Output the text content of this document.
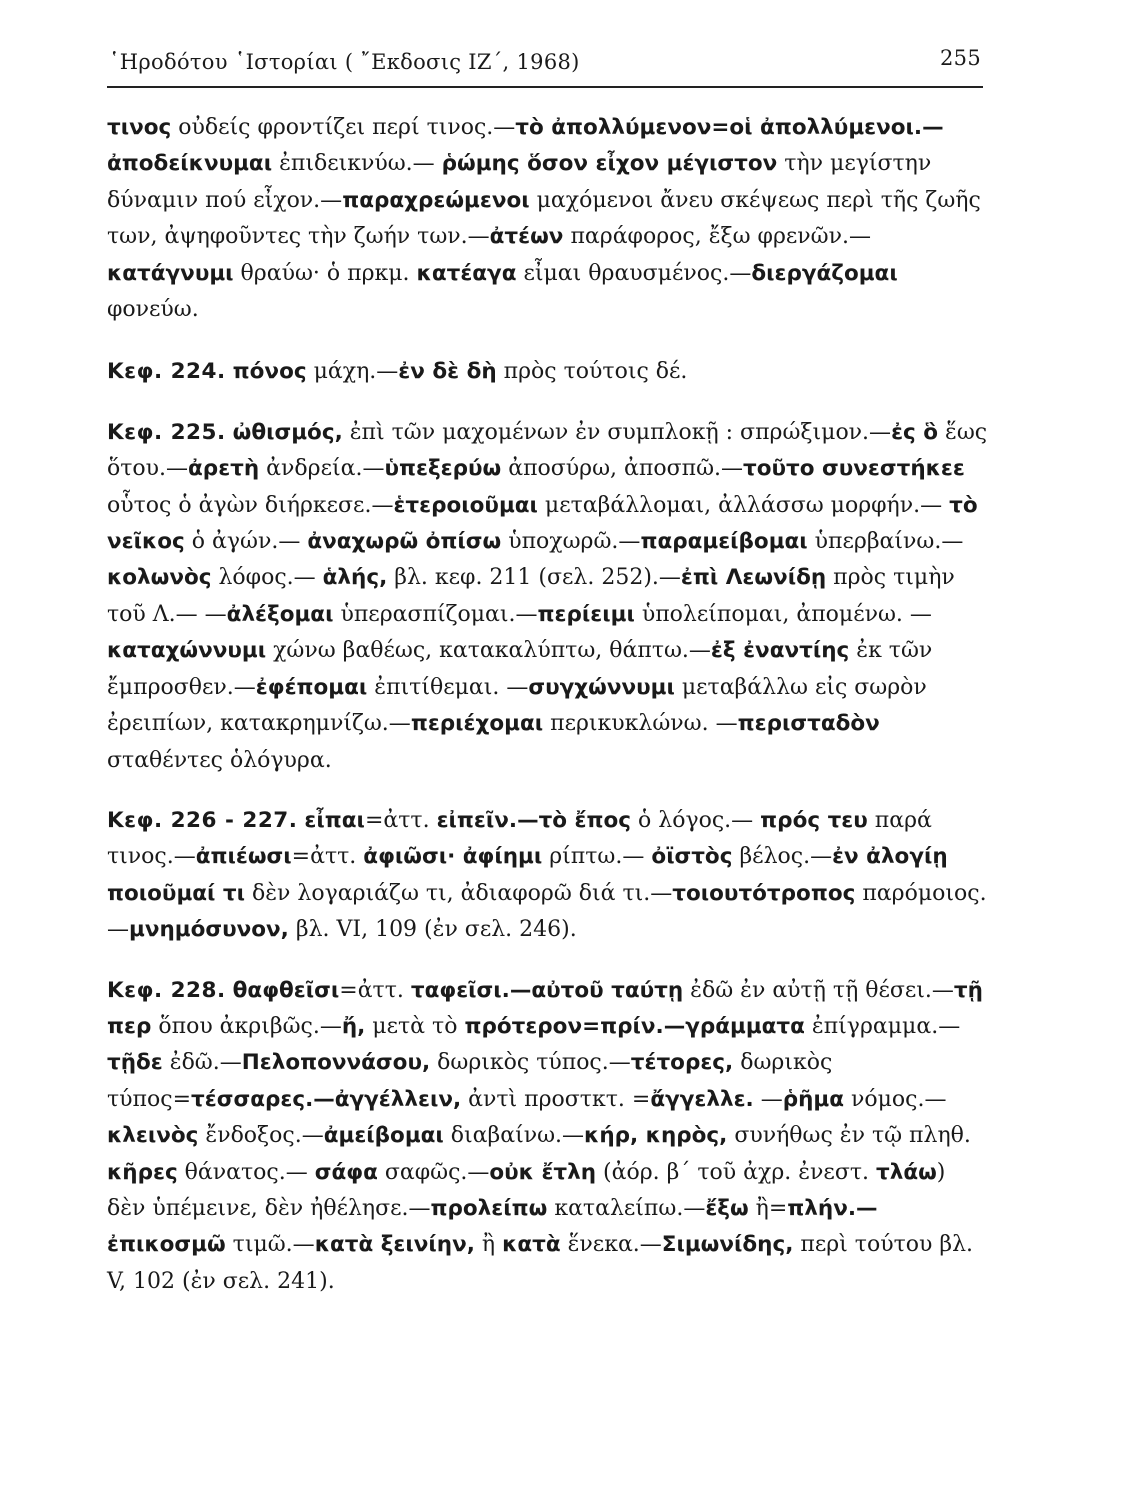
῾Ηροδότου ῾Ιστορίαι ( ῎Εκδοσις ΙΖ΄, 1968)	255

τινος οὐδείς φροντίζει περί τινος.—τὸ ἀπολλύμενον=οἱ ἀπολλύμενοι.—ἀποδείκνυμαι ἐπιδεικνύω.— ῥώμης ὅσον εἶχον μέγιστον τὴν μεγίστην δύναμιν πού εἶχον.—παραχρεώμενοι μαχόμενοι ἄνευ σκέψεως περὶ τῆς ζωῆς των, ἀψηφοῦντες τὴν ζωήν των.—ἀτέων παράφορος, ἔξω φρενῶν.—κατάγνυμι θραύω· ὁ πρκμ. κατέαγα εἶμαι θραυσμένος.—διεργάζομαι φονεύω.

Κεφ. 224. πόνος μάχη.—ἐν δὲ δὴ πρὸς τούτοις δέ.

Κεφ. 225. ὠθισμός, ἐπὶ τῶν μαχομένων ἐν συμπλοκῇ : σπρώξιμον.—ἐς ὃ ἕως ὅτου.—ἀρετὴ ἀνδρεία.—ὑπεξερύω ἀποσύρω, ἀποσπῶ.—τοῦτο συνεστήκεε οὗτος ὁ ἀγὼν διήρκεσε.—ἑτεροιοῦμαι μεταβάλλομαι, ἀλλάσσω μορφήν.— τὸ νεῖκος ὁ ἀγών.— ἀναχωρῶ ὀπίσω ὑποχωρῶ.—παραμείβομαι ὑπερβαίνω.—κολωνὸς λόφος.— ἁλής, βλ. κεφ. 211 (σελ. 252).—ἐπὶ Λεωνίδῃ πρὸς τιμὴν τοῦ Λ.— —ἀλέξομαι ὑπερασπίζομαι.—περίειμι ὑπολείπομαι, ἀπομένω. —καταχώννυμι χώνω βαθέως, κατακαλύπτω, θάπτω.—ἐξ ἐναντίης ἐκ τῶν ἔμπροσθεν.—ἐφέπομαι ἐπιτίθεμαι. —συγχώννυμι μεταβάλλω εἰς σωρὸν ἐρειπίων, κατακρημνίζω.—περιέχομαι περικυκλώνω. —περισταδὸν σταθέντες ὁλόγυρα.

Κεφ. 226 - 227. εἶπαι=ἀττ. εἰπεῖν.—τὸ ἔπος ὁ λόγος.— πρός τευ παρά τινος.—ἀπιέωσι=ἀττ. ἀφιῶσι· ἀφίημι ρίπτω.— ὀϊστὸς βέλος.—ἐν ἀλογίῃ ποιοῦμαί τι δὲν λογαριάζω τι, ἀδιαφορῶ διά τι.—τοιουτότροπος παρόμοιος.—μνημόσυνον, βλ. VI, 109 (ἐν σελ. 246).

Κεφ. 228. θαφθεῖσι=ἀττ. ταφεῖσι.—αὐτοῦ ταύτῃ ἐδῶ ἐν αὐτῇ τῇ θέσει.—τῇ περ ὅπου ἀκριβῶς.—ἤ, μετὰ τὸ πρότερον=πρίν.—γράμματα ἐπίγραμμα.—τῇδε ἐδῶ.—Πελοποννάσου, δωρικὸς τύπος.—τέτορες, δωρικὸς τύπος=τέσσαρες.—ἀγγέλλειν, ἀντὶ προστκτ. =ἄγγελλε. —ῥῆμα νόμος.—κλεινὸς ἔνδοξος.—ἀμείβομαι διαβαίνω.—κήρ, κηρὸς, συνήθως ἐν τῷ πληθ. κῆρες θάνατος.— σάφα σαφῶς.—οὐκ ἔτλη (ἀόρ. β΄ τοῦ ἀχρ. ἐνεστ. τλάω) δὲν ὑπέμεινε, δὲν ἠθέλησε.—προλείπω καταλείπω.—ἔξω ἢ=πλήν.—ἐπικοσμῶ τιμῶ.—κατὰ ξεινίην, ἢ κατὰ ἕνεκα.—Σιμωνίδης, περὶ τούτου βλ. V, 102 (ἐν σελ. 241).
